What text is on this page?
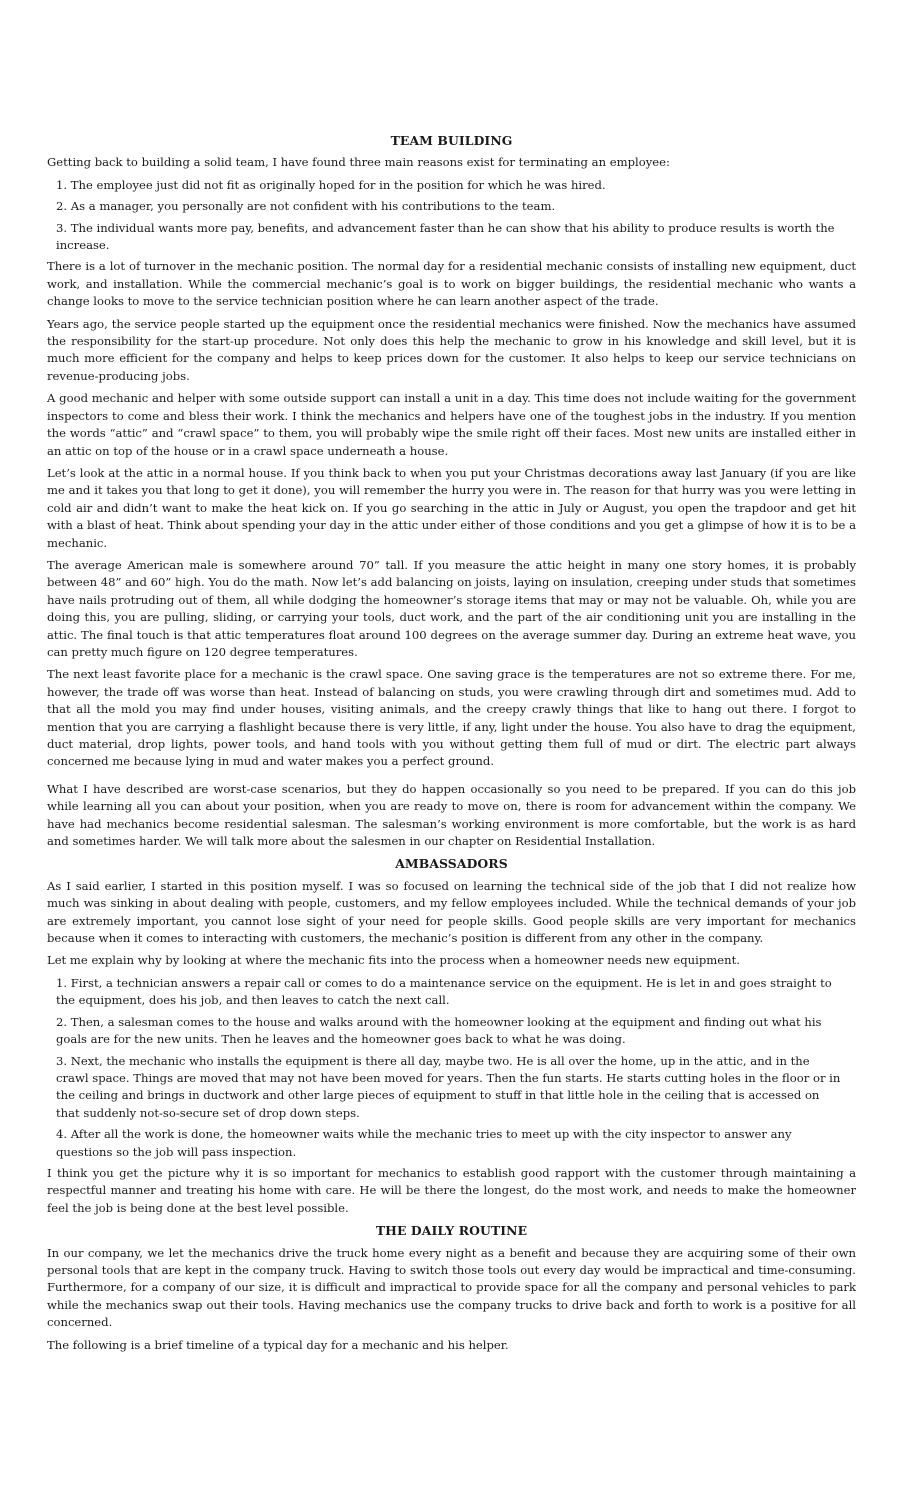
TEAM BUILDING

Getting back to building a solid team, I have found three main reasons exist for terminating an employee:

1. The employee just did not fit as originally hoped for in the position for which he was hired.
2. As a manager, you personally are not confident with his contributions to the team.
3. The individual wants more pay, benefits, and advancement faster than he can show that his ability to produce results is worth the increase.

There is a lot of turnover in the mechanic position. The normal day for a residential mechanic consists of installing new equipment, duct work, and installation. While the commercial mechanic’s goal is to work on bigger buildings, the residential mechanic who wants a change looks to move to the service technician position where he can learn another aspect of the trade.

Years ago, the service people started up the equipment once the residential mechanics were finished. Now the mechanics have assumed the responsibility for the start-up procedure. Not only does this help the mechanic to grow in his knowledge and skill level, but it is much more efficient for the company and helps to keep prices down for the customer. It also helps to keep our service technicians on revenue-producing jobs.

A good mechanic and helper with some outside support can install a unit in a day. This time does not include waiting for the government inspectors to come and bless their work. I think the mechanics and helpers have one of the toughest jobs in the industry. If you mention the words “attic” and “crawl space” to them, you will probably wipe the smile right off their faces. Most new units are installed either in an attic on top of the house or in a crawl space underneath a house.

Let’s look at the attic in a normal house. If you think back to when you put your Christmas decorations away last January (if you are like me and it takes you that long to get it done), you will remember the hurry you were in. The reason for that hurry was you were letting in cold air and didn’t want to make the heat kick on. If you go searching in the attic in July or August, you open the trapdoor and get hit with a blast of heat. Think about spending your day in the attic under either of those conditions and you get a glimpse of how it is to be a mechanic.

The average American male is somewhere around 70” tall. If you measure the attic height in many one story homes, it is probably between 48” and 60” high. You do the math. Now let’s add balancing on joists, laying on insulation, creeping under studs that sometimes have nails protruding out of them, all while dodging the homeowner’s storage items that may or may not be valuable. Oh, while you are doing this, you are pulling, sliding, or carrying your tools, duct work, and the part of the air conditioning unit you are installing in the attic. The final touch is that attic temperatures float around 100 degrees on the average summer day. During an extreme heat wave, you can pretty much figure on 120 degree temperatures.

The next least favorite place for a mechanic is the crawl space. One saving grace is the temperatures are not so extreme there. For me, however, the trade off was worse than heat. Instead of balancing on studs, you were crawling through dirt and sometimes mud. Add to that all the mold you may find under houses, visiting animals, and the creepy crawly things that like to hang out there. I forgot to mention that you are carrying a flashlight because there is very little, if any, light under the house. You also have to drag the equipment, duct material, drop lights, power tools, and hand tools with you without getting them full of mud or dirt. The electric part always concerned me because lying in mud and water makes you a perfect ground.

What I have described are worst-case scenarios, but they do happen occasionally so you need to be prepared. If you can do this job while learning all you can about your position, when you are ready to move on, there is room for advancement within the company. We have had mechanics become residential salesman. The salesman’s working environment is more comfortable, but the work is as hard and sometimes harder. We will talk more about the salesmen in our chapter on Residential Installation.

AMBASSADORS

As I said earlier, I started in this position myself. I was so focused on learning the technical side of the job that I did not realize how much was sinking in about dealing with people, customers, and my fellow employees included. While the technical demands of your job are extremely important, you cannot lose sight of your need for people skills. Good people skills are very important for mechanics because when it comes to interacting with customers, the mechanic’s position is different from any other in the company.

Let me explain why by looking at where the mechanic fits into the process when a homeowner needs new equipment.

1. First, a technician answers a repair call or comes to do a maintenance service on the equipment. He is let in and goes straight to the equipment, does his job, and then leaves to catch the next call.
2. Then, a salesman comes to the house and walks around with the homeowner looking at the equipment and finding out what his goals are for the new units. Then he leaves and the homeowner goes back to what he was doing.
3. Next, the mechanic who installs the equipment is there all day, maybe two. He is all over the home, up in the attic, and in the crawl space. Things are moved that may not have been moved for years. Then the fun starts. He starts cutting holes in the floor or in the ceiling and brings in ductwork and other large pieces of equipment to stuff in that little hole in the ceiling that is accessed on that suddenly not-so-secure set of drop down steps.
4. After all the work is done, the homeowner waits while the mechanic tries to meet up with the city inspector to answer any questions so the job will pass inspection.

I think you get the picture why it is so important for mechanics to establish good rapport with the customer through maintaining a respectful manner and treating his home with care. He will be there the longest, do the most work, and needs to make the homeowner feel the job is being done at the best level possible.

THE DAILY ROUTINE

In our company, we let the mechanics drive the truck home every night as a benefit and because they are acquiring some of their own personal tools that are kept in the company truck. Having to switch those tools out every day would be impractical and time-consuming. Furthermore, for a company of our size, it is difficult and impractical to provide space for all the company and personal vehicles to park while the mechanics swap out their tools. Having mechanics use the company trucks to drive back and forth to work is a positive for all concerned.

The following is a brief timeline of a typical day for a mechanic and his helper.
